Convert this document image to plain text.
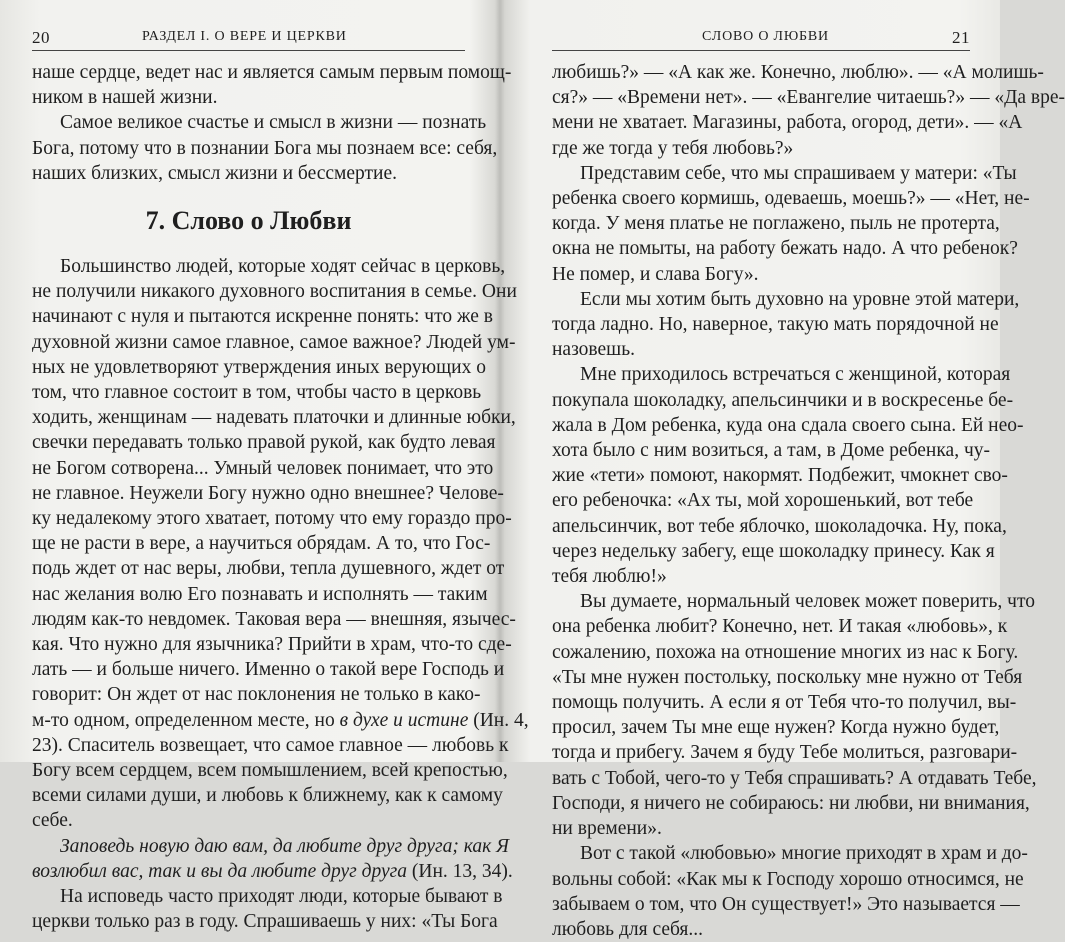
20	РАЗДЕЛ I. О ВЕРЕ И ЦЕРКВИ
наше сердце, ведет нас и является самым первым помощ-
ником в нашей жизни.
Самое великое счастье и смысл в жизни — познать
Бога, потому что в познании Бога мы познаем все: себя,
наших близких, смысл жизни и бессмертие.
7. Слово о Любви
Большинство людей, которые ходят сейчас в церковь,
не получили никакого духовного воспитания в семье. Они
начинают с нуля и пытаются искренне понять: что же в
духовной жизни самое главное, самое важное? Людей ум-
ных не удовлетворяют утверждения иных верующих о
том, что главное состоит в том, чтобы часто в церковь
ходить, женщинам — надевать платочки и длинные юбки,
свечки передавать только правой рукой, как будто левая
не Богом сотворена... Умный человек понимает, что это
не главное. Неужели Богу нужно одно внешнее? Челове-
ку недалекому этого хватает, потому что ему гораздо про-
ще не расти в вере, а научиться обрядам. А то, что Гос-
подь ждет от нас веры, любви, тепла душевного, ждет от
нас желания волю Его познавать и исполнять — таким
людям как-то невдомек. Таковая вера — внешняя, язычес-
кая. Что нужно для язычника? Прийти в храм, что-то сде-
лать — и больше ничего. Именно о такой вере Господь и
говорит: Он ждет от нас поклонения не только в како-
м-то одном, определенном месте, но в духе и истине (Ин. 4,
23). Спаситель возвещает, что самое главное — любовь к
Богу всем сердцем, всем помышлением, всей крепостью,
всеми силами души, и любовь к ближнему, как к самому
себе.
Заповедь новую даю вам, да любите друг друга; как Я
возлюбил вас, так и вы да любите друг друга (Ин. 13, 34).
На исповедь часто приходят люди, которые бывают в
церкви только раз в году. Спрашиваешь у них: «Ты Бога
СЛОВО О ЛЮБВИ	21
любишь?» — «А как же. Конечно, люблю». — «А молишь-
ся?» — «Времени нет». — «Евангелие читаешь?» — «Да вре-
мени не хватает. Магазины, работа, огород, дети». — «А
где же тогда у тебя любовь?»
Представим себе, что мы спрашиваем у матери: «Ты
ребенка своего кормишь, одеваешь, моешь?» — «Нет, не-
когда. У меня платье не поглажено, пыль не протерта,
окна не помыты, на работу бежать надо. А что ребенок?
Не помер, и слава Богу».
Если мы хотим быть духовно на уровне этой матери,
тогда ладно. Но, наверное, такую мать порядочной не
назовешь.
Мне приходилось встречаться с женщиной, которая
покупала шоколадку, апельсинчики и в воскресенье бе-
жала в Дом ребенка, куда она сдала своего сына. Ей нео-
хота было с ним возиться, а там, в Доме ребенка, чу-
жие «тети» помоют, накормят. Подбежит, чмокнет сво-
его ребеночка: «Ах ты, мой хорошенький, вот тебе
апельсинчик, вот тебе яблочко, шоколадочка. Ну, пока,
через недельку забегу, еще шоколадку принесу. Как я
тебя люблю!»
Вы думаете, нормальный человек может поверить, что
она ребенка любит? Конечно, нет. И такая «любовь», к
сожалению, похожа на отношение многих из нас к Богу.
«Ты мне нужен постольку, поскольку мне нужно от Тебя
помощь получить. А если я от Тебя что-то получил, вы-
просил, зачем Ты мне еще нужен? Когда нужно будет,
тогда и прибегу. Зачем я буду Тебе молиться, разговари-
вать с Тобой, чего-то у Тебя спрашивать? А отдавать Тебе,
Господи, я ничего не собираюсь: ни любви, ни внимания,
ни времени».
Вот с такой «любовью» многие приходят в храм и до-
вольны собой: «Как мы к Господу хорошо относимся, не
забываем о том, что Он существует!» Это называется —
любовь для себя...
